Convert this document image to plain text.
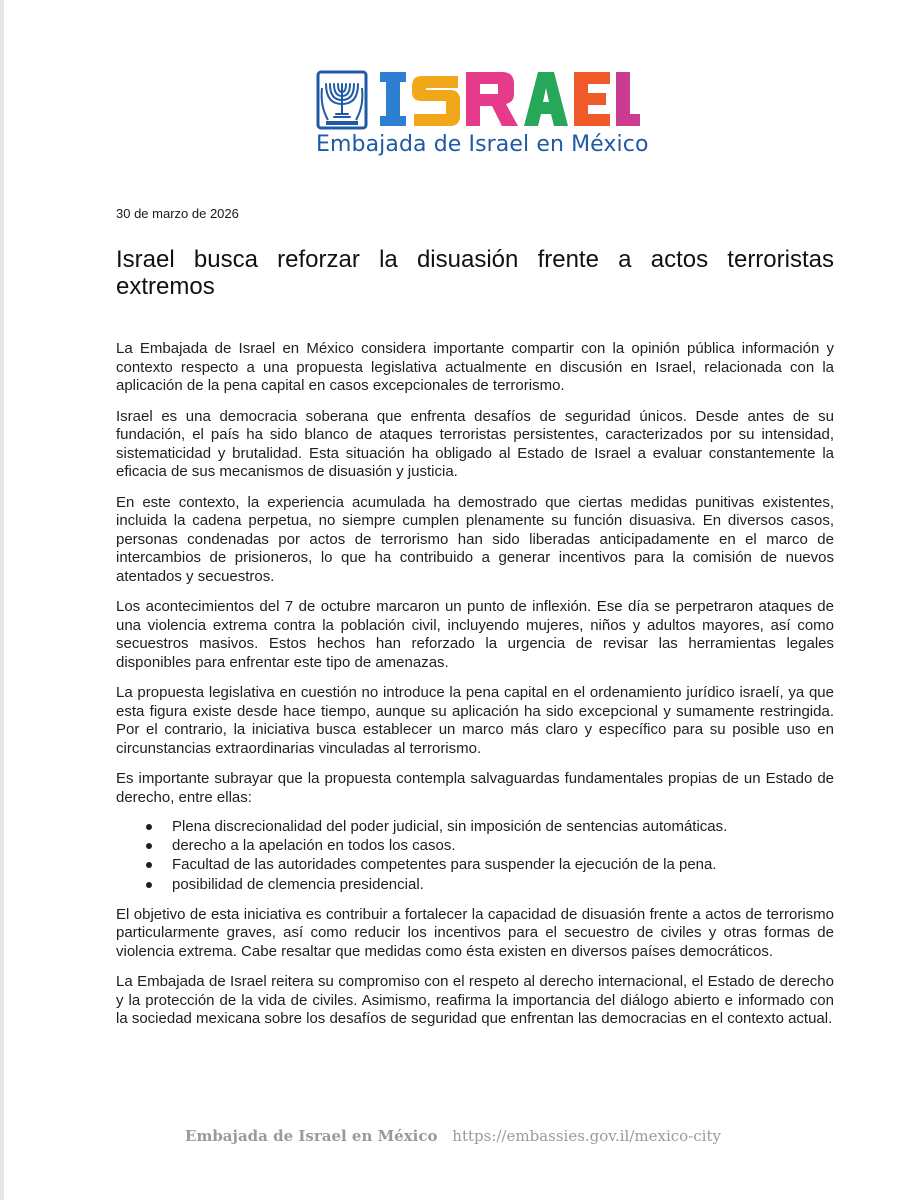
Embajada de Israel en México
30 de marzo de 2026
Israel busca reforzar la disuasión frente a actos terroristas extremos

La Embajada de Israel en México considera importante compartir con la opinión pública información y contexto respecto a una propuesta legislativa actualmente en discusión en Israel, relacionada con la aplicación de la pena capital en casos excepcionales de terrorismo.

Israel es una democracia soberana que enfrenta desafíos de seguridad únicos. Desde antes de su fundación, el país ha sido blanco de ataques terroristas persistentes, caracterizados por su intensidad, sistematicidad y brutalidad. Esta situación ha obligado al Estado de Israel a evaluar constantemente la eficacia de sus mecanismos de disuasión y justicia.

En este contexto, la experiencia acumulada ha demostrado que ciertas medidas punitivas existentes, incluida la cadena perpetua, no siempre cumplen plenamente su función disuasiva. En diversos casos, personas condenadas por actos de terrorismo han sido liberadas anticipadamente en el marco de intercambios de prisioneros, lo que ha contribuido a generar incentivos para la comisión de nuevos atentados y secuestros.

Los acontecimientos del 7 de octubre marcaron un punto de inflexión. Ese día se perpetraron ataques de una violencia extrema contra la población civil, incluyendo mujeres, niños y adultos mayores, así como secuestros masivos. Estos hechos han reforzado la urgencia de revisar las herramientas legales disponibles para enfrentar este tipo de amenazas.

La propuesta legislativa en cuestión no introduce la pena capital en el ordenamiento jurídico israelí, ya que esta figura existe desde hace tiempo, aunque su aplicación ha sido excepcional y sumamente restringida. Por el contrario, la iniciativa busca establecer un marco más claro y específico para su posible uso en circunstancias extraordinarias vinculadas al terrorismo.

Es importante subrayar que la propuesta contempla salvaguardas fundamentales propias de un Estado de derecho, entre ellas:

Plena discrecionalidad del poder judicial, sin imposición de sentencias automáticas.
derecho a la apelación en todos los casos.
Facultad de las autoridades competentes para suspender la ejecución de la pena.
posibilidad de clemencia presidencial.

El objetivo de esta iniciativa es contribuir a fortalecer la capacidad de disuasión frente a actos de terrorismo particularmente graves, así como reducir los incentivos para el secuestro de civiles y otras formas de violencia extrema. Cabe resaltar que medidas como ésta existen en diversos países democráticos.

La Embajada de Israel reitera su compromiso con el respeto al derecho internacional, el Estado de derecho y la protección de la vida de civiles. Asimismo, reafirma la importancia del diálogo abierto e informado con la sociedad mexicana sobre los desafíos de seguridad que enfrentan las democracias en el contexto actual.

Embajada de Israel en México https://embassies.gov.il/mexico-city
